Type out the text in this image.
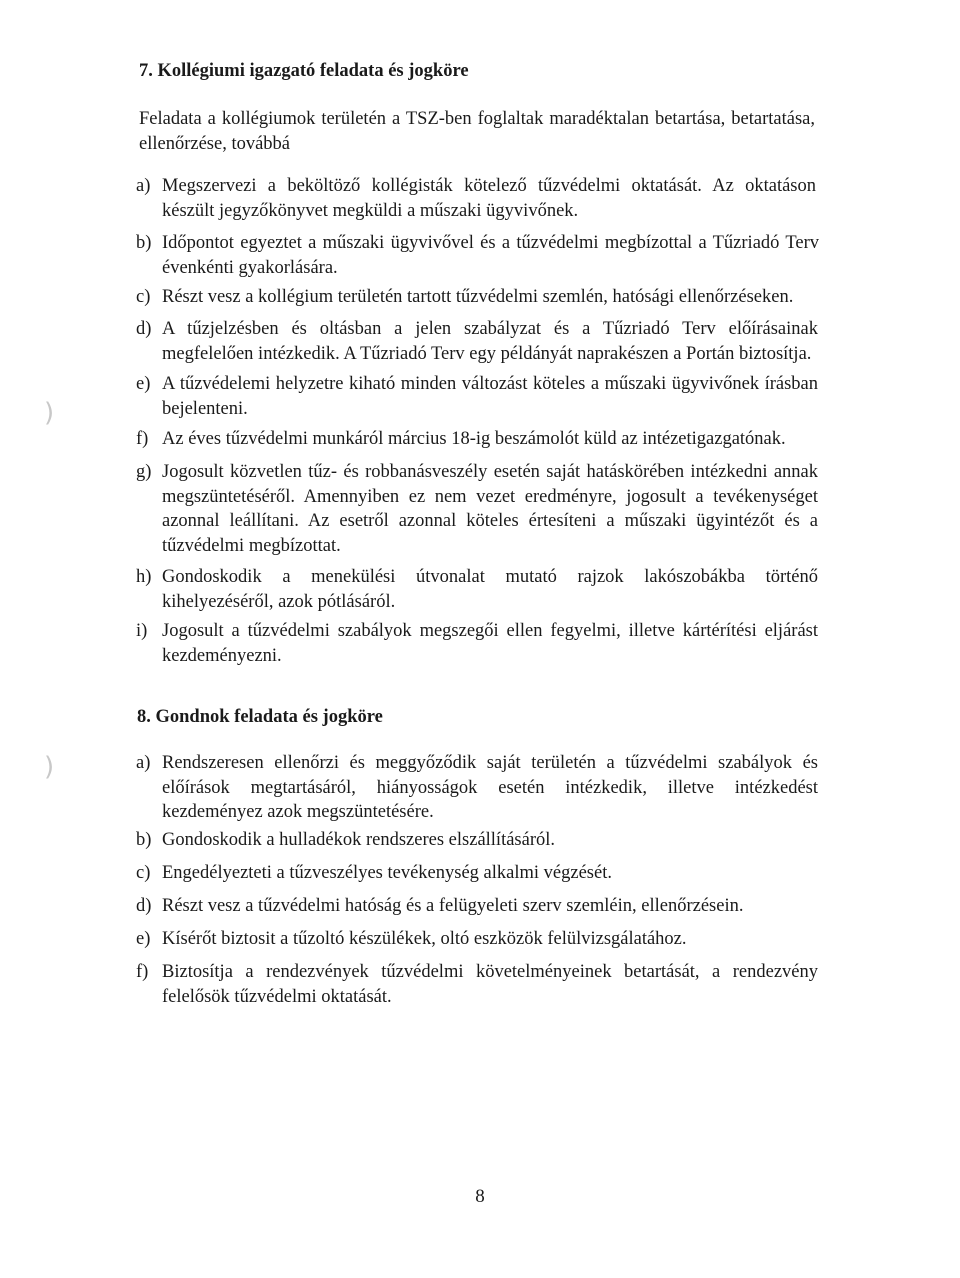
)
)
7. Kollégiumi igazgató feladata és jogköre

Feladata a kollégiumok területén a TSZ-ben foglaltak maradéktalan betartása, betartatása, ellenőrzése, továbbá

a) Megszervezi a beköltöző kollégisták kötelező tűzvédelmi oktatását. Az oktatáson készült jegyzőkönyvet megküldi a műszaki ügyvivőnek.
b) Időpontot egyeztet a műszaki ügyvivővel és a tűzvédelmi megbízottal a Tűzriadó Terv évenkénti gyakorlására.
c) Részt vesz a kollégium területén tartott tűzvédelmi szemlén, hatósági ellenőrzéseken.
d) A tűzjelzésben és oltásban a jelen szabályzat és a Tűzriadó Terv előírásainak megfelelően intézkedik. A Tűzriadó Terv egy példányát naprakészen a Portán biztosítja.
e) A tűzvédelemi helyzetre kiható minden változást köteles a műszaki ügyvivőnek írásban bejelenteni.
f) Az éves tűzvédelmi munkáról március 18-ig beszámolót küld az intézetigazgatónak.
g) Jogosult közvetlen tűz- és robbanásveszély esetén saját hatáskörében intézkedni annak megszüntetéséről. Amennyiben ez nem vezet eredményre, jogosult a tevékenységet azonnal leállítani. Az esetről azonnal köteles értesíteni a műszaki ügyintézőt és a tűzvédelmi megbízottat.
h) Gondoskodik a menekülési útvonalat mutató rajzok lakószobákba történő kihelyezéséről, azok pótlásáról.
i) Jogosult a tűzvédelmi szabályok megszegői ellen fegyelmi, illetve kártérítési eljárást kezdeményezni.
8. Gondnok feladata és jogköre
a) Rendszeresen ellenőrzi és meggyőződik saját területén a tűzvédelmi szabályok és előírások megtartásáról, hiányosságok esetén intézkedik, illetve intézkedést kezdeményez azok megszüntetésére.
b) Gondoskodik a hulladékok rendszeres elszállításáról.
c) Engedélyezteti a tűzveszélyes tevékenység alkalmi végzését.
d) Részt vesz a tűzvédelmi hatóság és a felügyeleti szerv szemléin, ellenőrzésein.
e) Kísérőt biztosit a tűzoltó készülékek, oltó eszközök felülvizsgálatához.
f) Biztosítja a rendezvények tűzvédelmi követelményeinek betartását, a rendezvény felelősök tűzvédelmi oktatását.

8
